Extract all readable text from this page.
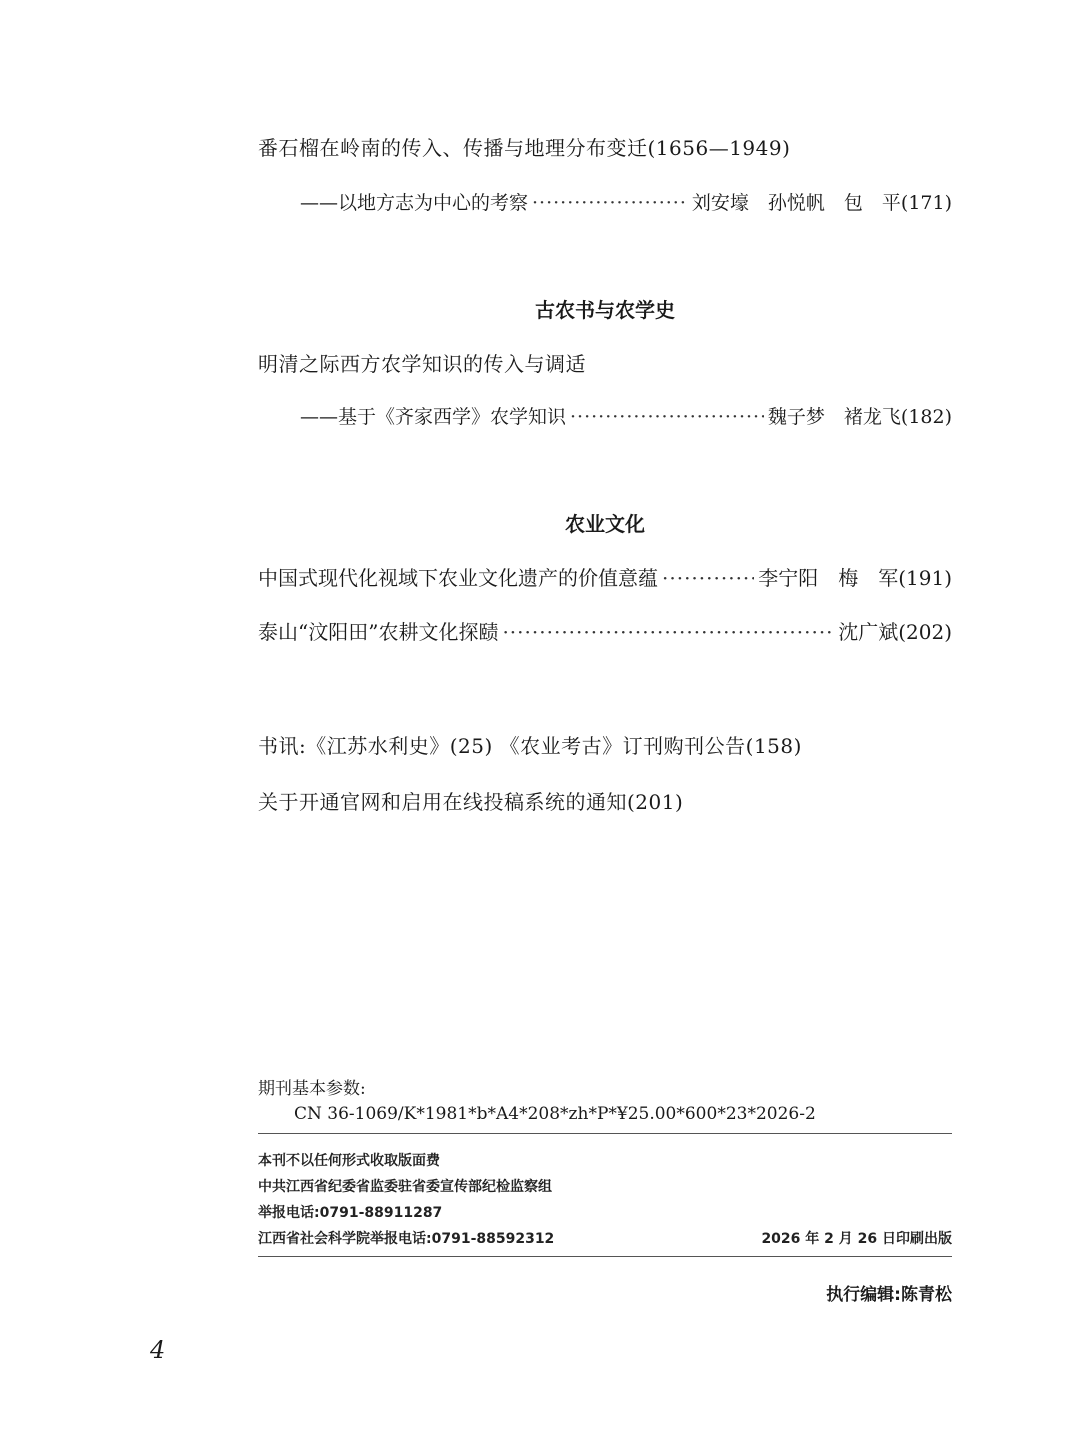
番石榴在岭南的传入、传播与地理分布变迁(1656—1949)
——以地方志为中心的考察 ·····	刘安壕　孙悦帆　包　平 (171)
古农书与农学史
明清之际西方农学知识的传入与调适
——基于《齐家西学》农学知识 ·····	魏子梦　褚龙飞 (182)
农业文化
中国式现代化视域下农业文化遗产的价值意蕴 ·····	李宁阳　梅　军 (191)
泰山“汶阳田”农耕文化探赜 ·····	沈广斌 (202)
书讯:《江苏水利史》(25) 《农业考古》订刊购刊公告(158)
关于开通官网和启用在线投稿系统的通知(201)
期刊基本参数:
CN 36-1069/K*1981*b*A4*208*zh*P*¥25.00*600*23*2026-2
本刊不以任何形式收取版面费
中共江西省纪委省监委驻省委宣传部纪检监察组
举报电话:0791-88911287
江西省社会科学院举报电话:0791-88592312	2026 年 2 月 26 日印刷出版
执行编辑:陈青松
4
